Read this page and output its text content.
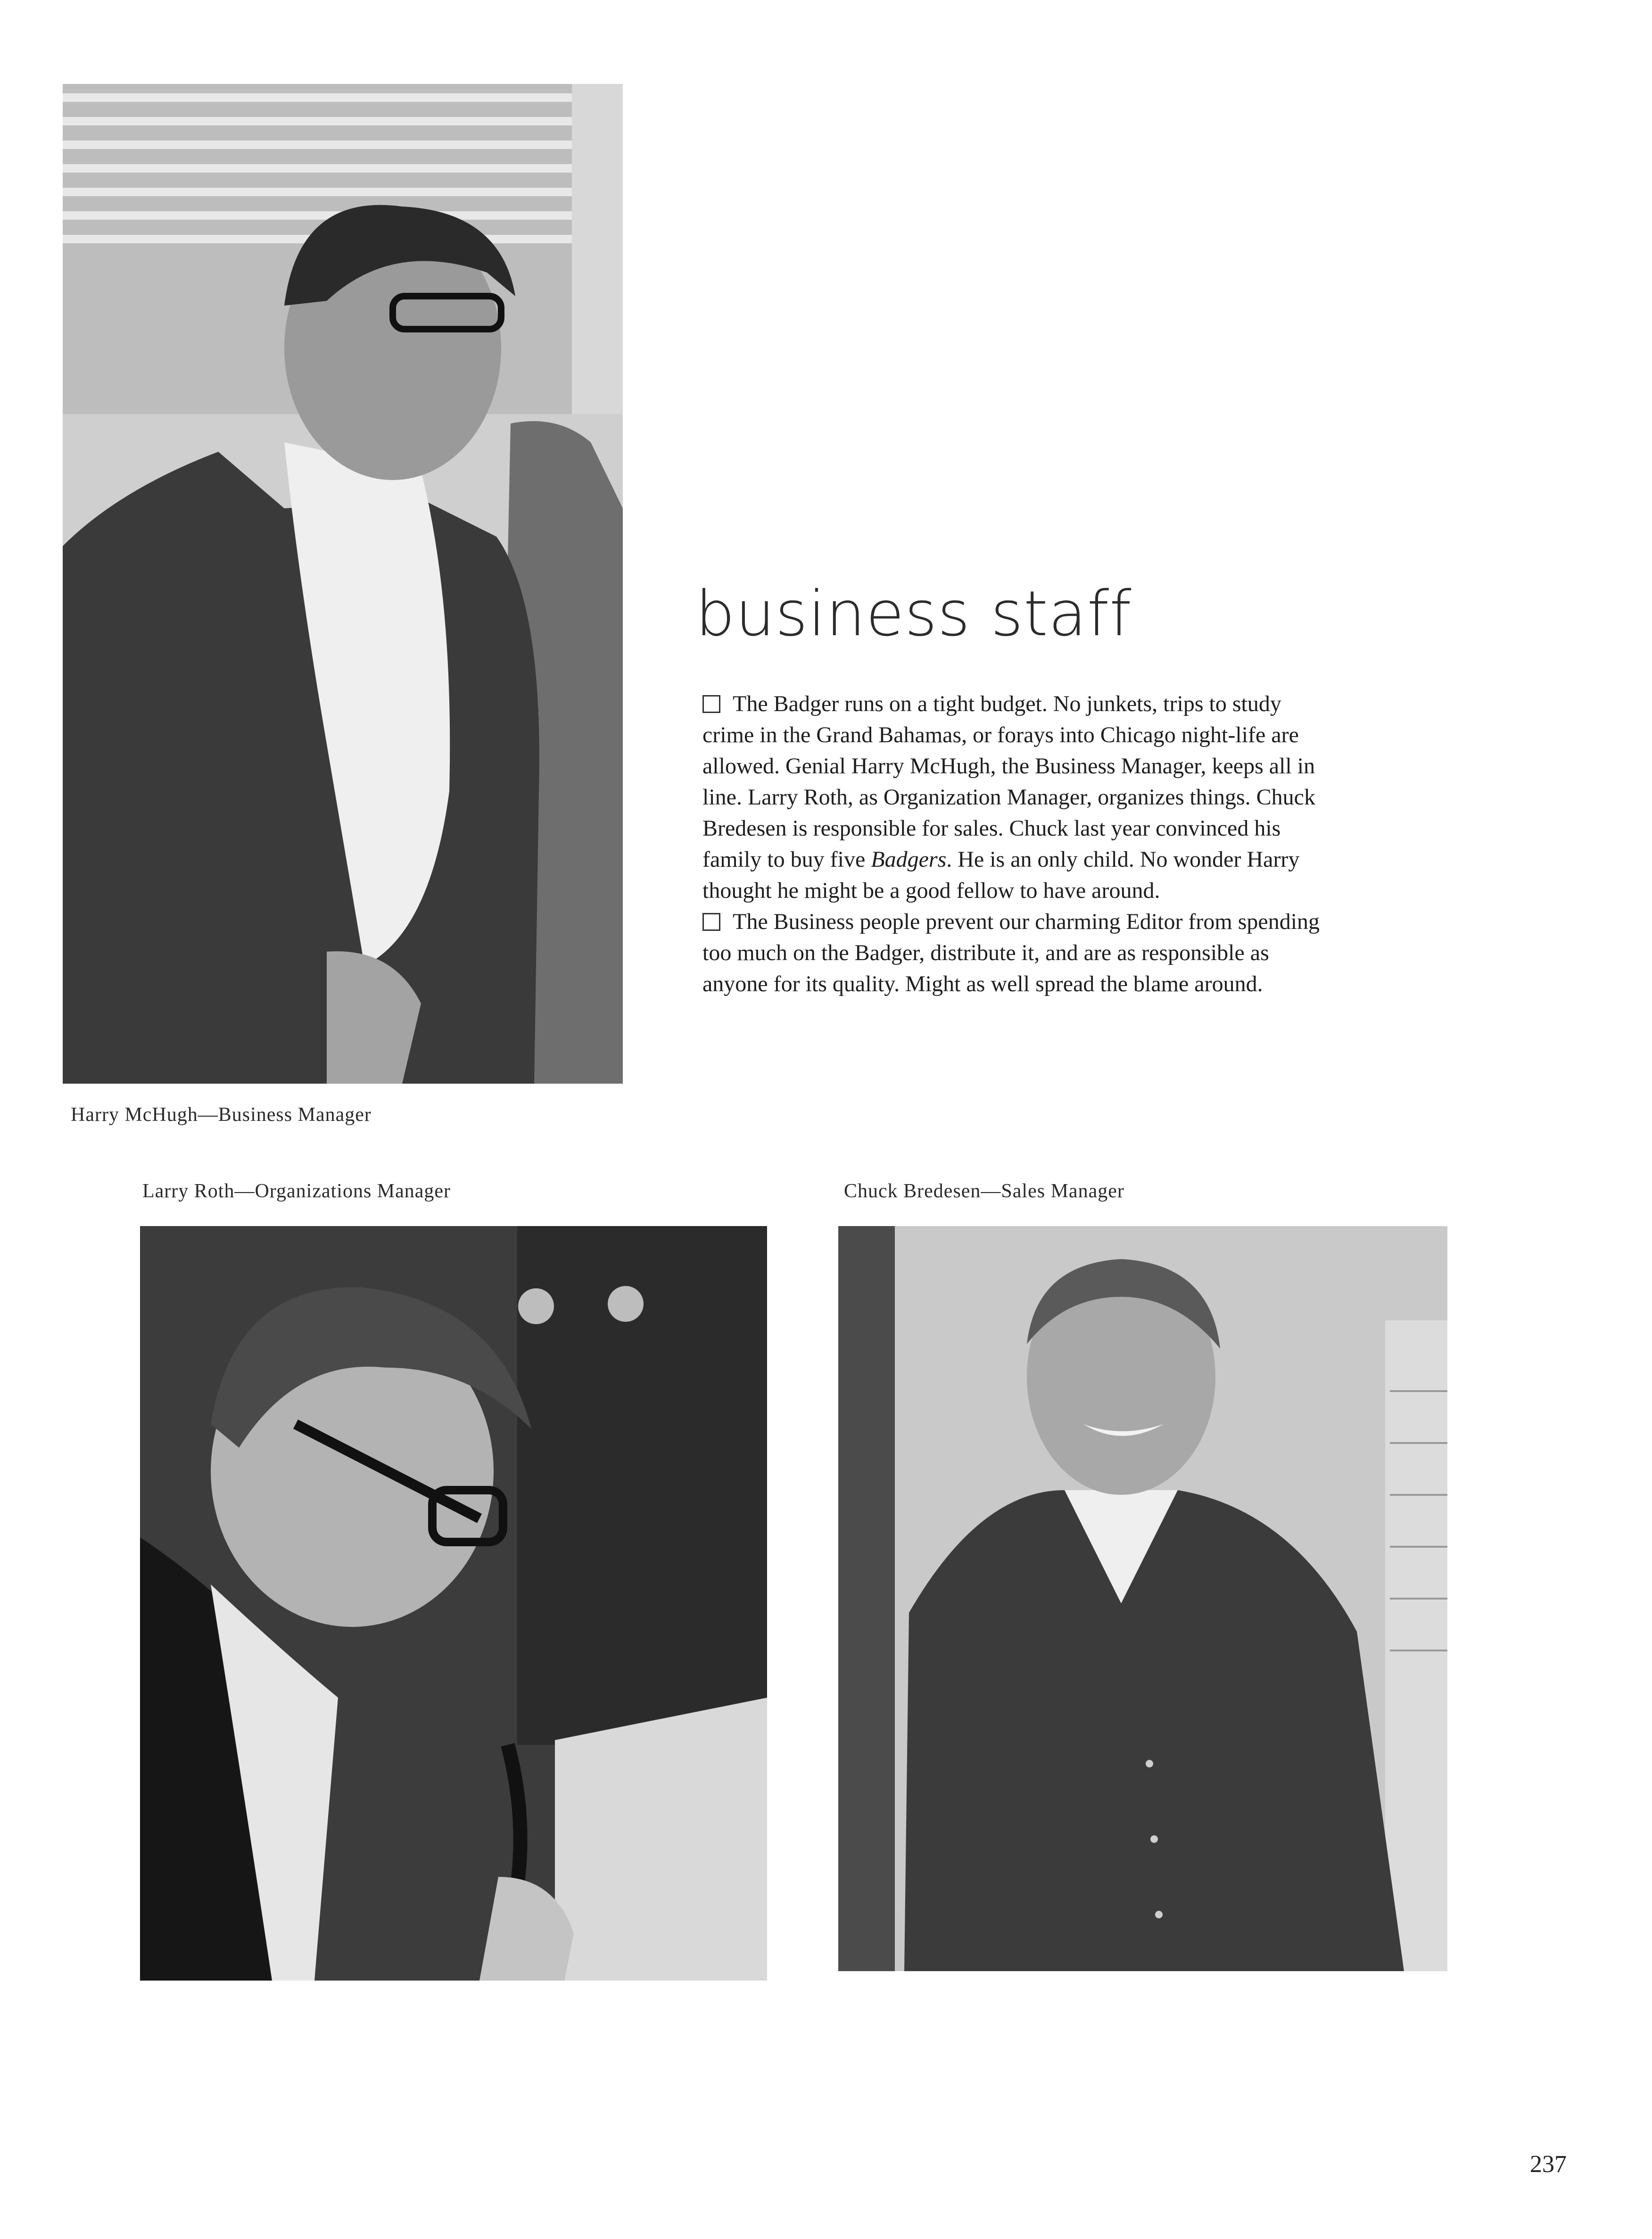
Harry McHugh—Business Manager
business staff

The Badger runs on a tight budget. No junkets, trips to study crime in the Grand Bahamas, or forays into Chicago night-life are allowed. Genial Harry McHugh, the Business Manager, keeps all in line. Larry Roth, as Organization Manager, organizes things. Chuck Bredesen is responsible for sales. Chuck last year convinced his family to buy five Badgers. He is an only child. No wonder Harry thought he might be a good fellow to have around.

The Business people prevent our charming Editor from spending too much on the Badger, distribute it, and are as responsible as anyone for its quality. Might as well spread the blame around.

Larry Roth—Organizations Manager	Chuck Bredesen—Sales Manager
237
